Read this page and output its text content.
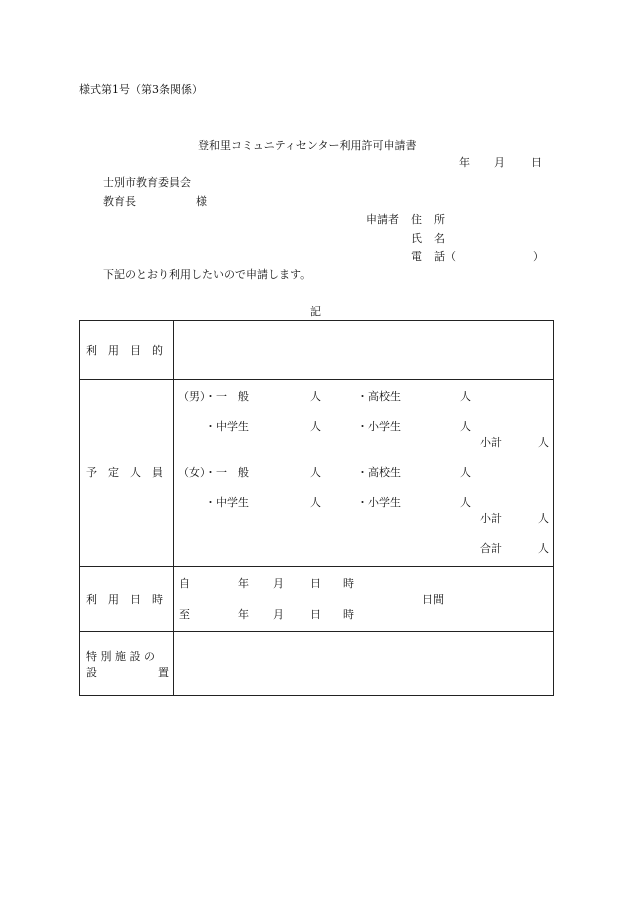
様式第1号（第3条関係）
登和里コミュニティセンター利用許可申請書
年 月 日
士別市教育委員会
教育長	様
申請者 住 所
氏 名
電 話（	）
下記のとおり利用したいので申請します。
記
利　用　目　的
予　定　人　員
（男）
・一　般	人	・高校生	人
・中学生	人	・小学生	人
小計	人
（女）
・一　般	人	・高校生	人
・中学生	人	・小学生	人
小計	人
合計	人
利　用　日　時
自	年 月 日 時
日間
至	年 月 日 時
特 別 施 設 の
設	置
